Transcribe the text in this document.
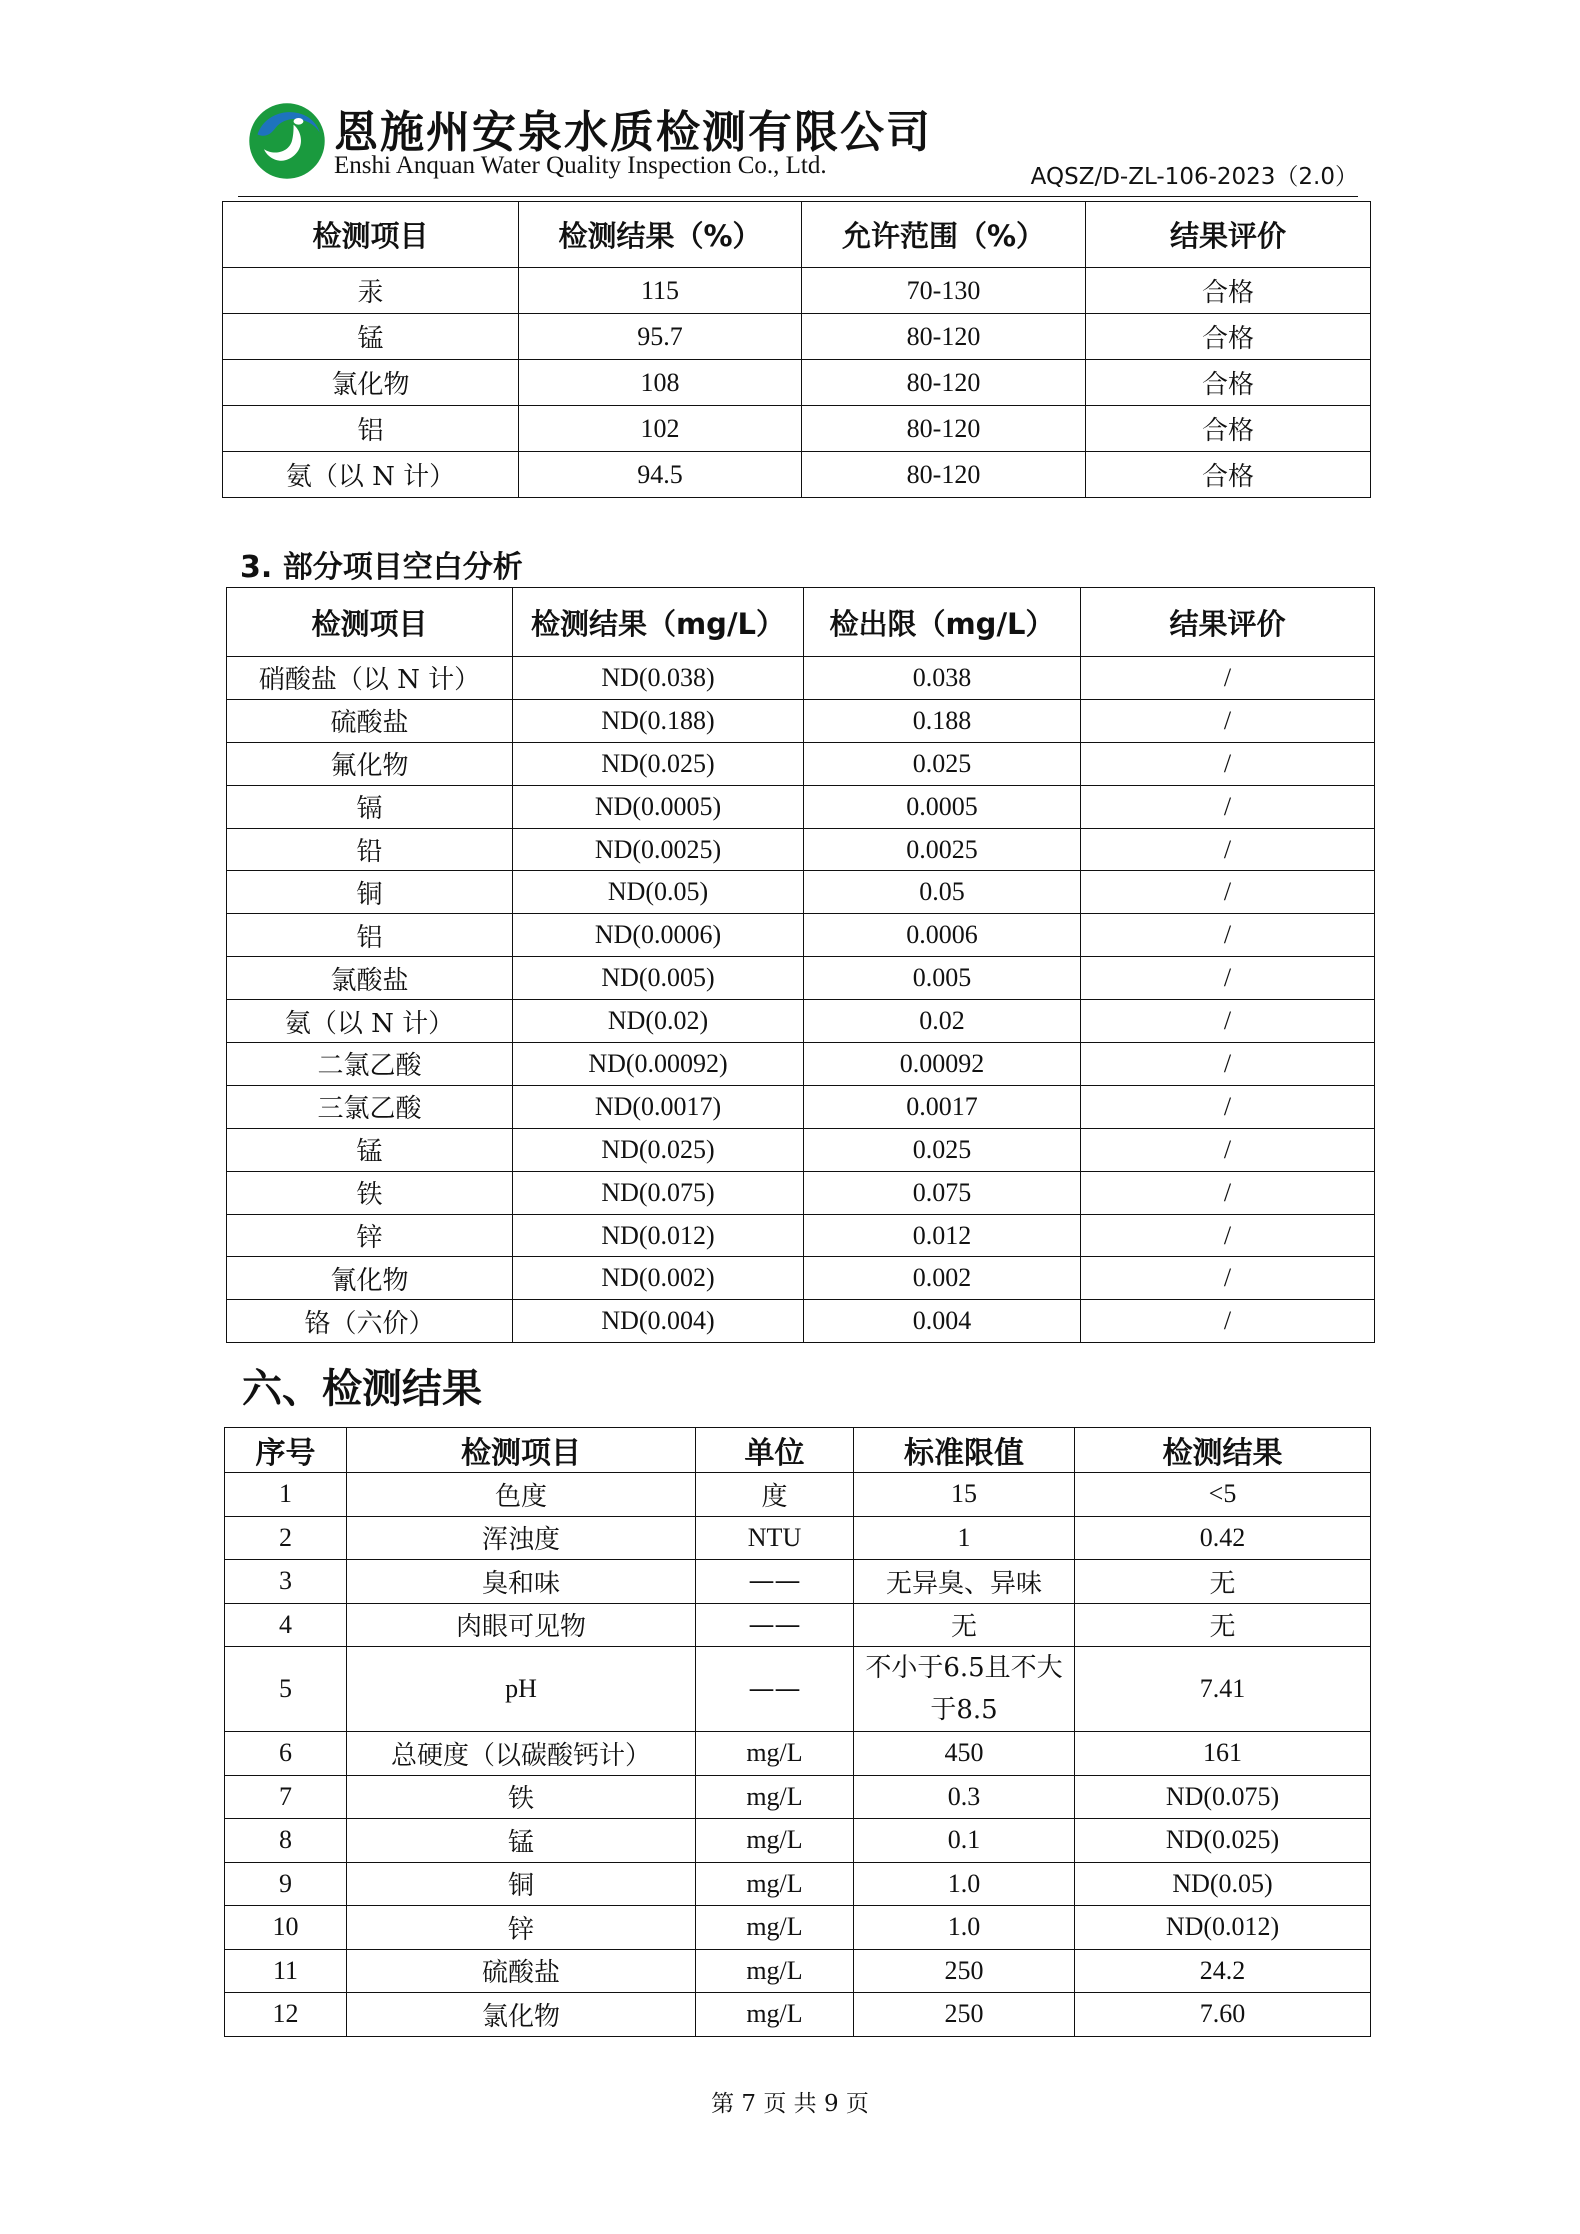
恩施州安泉水质检测有限公司
Enshi Anquan Water Quality Inspection Co., Ltd.	AQSZ/D-ZL-106-2023（2.0）
检测项目	检测结果（%）	允许范围（%）	结果评价
汞	115	70-130	合格
锰	95.7	80-120	合格
氯化物	108	80-120	合格
铝	102	80-120	合格
氨（以 N 计）	94.5	80-120	合格
3. 部分项目空白分析
检测项目	检测结果（mg/L）	检出限（mg/L）	结果评价
硝酸盐（以 N 计）	ND(0.038)	0.038	/
硫酸盐	ND(0.188)	0.188	/
氟化物	ND(0.025)	0.025	/
镉	ND(0.0005)	0.0005	/
铅	ND(0.0025)	0.0025	/
铜	ND(0.05)	0.05	/
铝	ND(0.0006)	0.0006	/
氯酸盐	ND(0.005)	0.005	/
氨（以 N 计）	ND(0.02)	0.02	/
二氯乙酸	ND(0.00092)	0.00092	/
三氯乙酸	ND(0.0017)	0.0017	/
锰	ND(0.025)	0.025	/
铁	ND(0.075)	0.075	/
锌	ND(0.012)	0.012	/
氰化物	ND(0.002)	0.002	/
铬（六价）	ND(0.004)	0.004	/
六、检测结果
序号	检测项目	单位	标准限值	检测结果
1	色度	度	15	<5
2	浑浊度	NTU	1	0.42
3	臭和味	——	无异臭、异味	无
4	肉眼可见物	——	无	无
5	pH	——	不小于6.5且不大于8.5	7.41
6	总硬度（以碳酸钙计）	mg/L	450	161
7	铁	mg/L	0.3	ND(0.075)
8	锰	mg/L	0.1	ND(0.025)
9	铜	mg/L	1.0	ND(0.05)
10	锌	mg/L	1.0	ND(0.012)
11	硫酸盐	mg/L	250	24.2
12	氯化物	mg/L	250	7.60
第 7 页 共 9 页
